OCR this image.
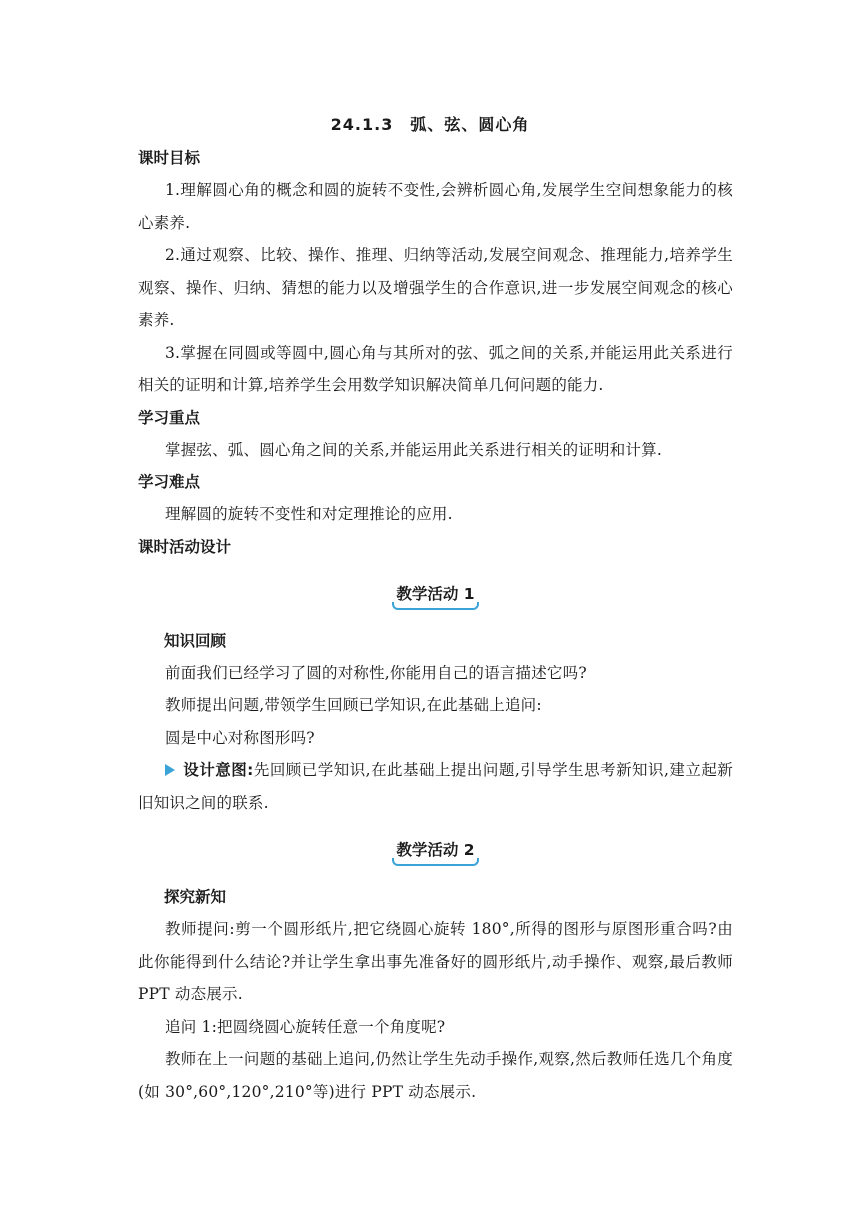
24.1.3　弧、弦、圆心角
课时目标

1.理解圆心角的概念和圆的旋转不变性,会辨析圆心角,发展学生空间想象能力的核心素养.

2.通过观察、比较、操作、推理、归纳等活动,发展空间观念、推理能力,培养学生观察、操作、归纳、猜想的能力以及增强学生的合作意识,进一步发展空间观念的核心素养.

3.掌握在同圆或等圆中,圆心角与其所对的弦、弧之间的关系,并能运用此关系进行相关的证明和计算,培养学生会用数学知识解决简单几何问题的能力.

学习重点

掌握弦、弧、圆心角之间的关系,并能运用此关系进行相关的证明和计算.

学习难点

理解圆的旋转不变性和对定理推论的应用.

课时活动设计
教学活动 1
知识回顾

前面我们已经学习了圆的对称性,你能用自己的语言描述它吗?

教师提出问题,带领学生回顾已学知识,在此基础上追问:

圆是中心对称图形吗?

设计意图:先回顾已学知识,在此基础上提出问题,引导学生思考新知识,建立起新旧知识之间的联系.

教学活动 2
探究新知

教师提问:剪一个圆形纸片,把它绕圆心旋转 180°,所得的图形与原图形重合吗?由此你能得到什么结论?并让学生拿出事先准备好的圆形纸片,动手操作、观察,最后教师 PPT 动态展示.

追问 1:把圆绕圆心旋转任意一个角度呢?

教师在上一问题的基础上追问,仍然让学生先动手操作,观察,然后教师任选几个角度(如 30°,60°,120°,210°等)进行 PPT 动态展示.
